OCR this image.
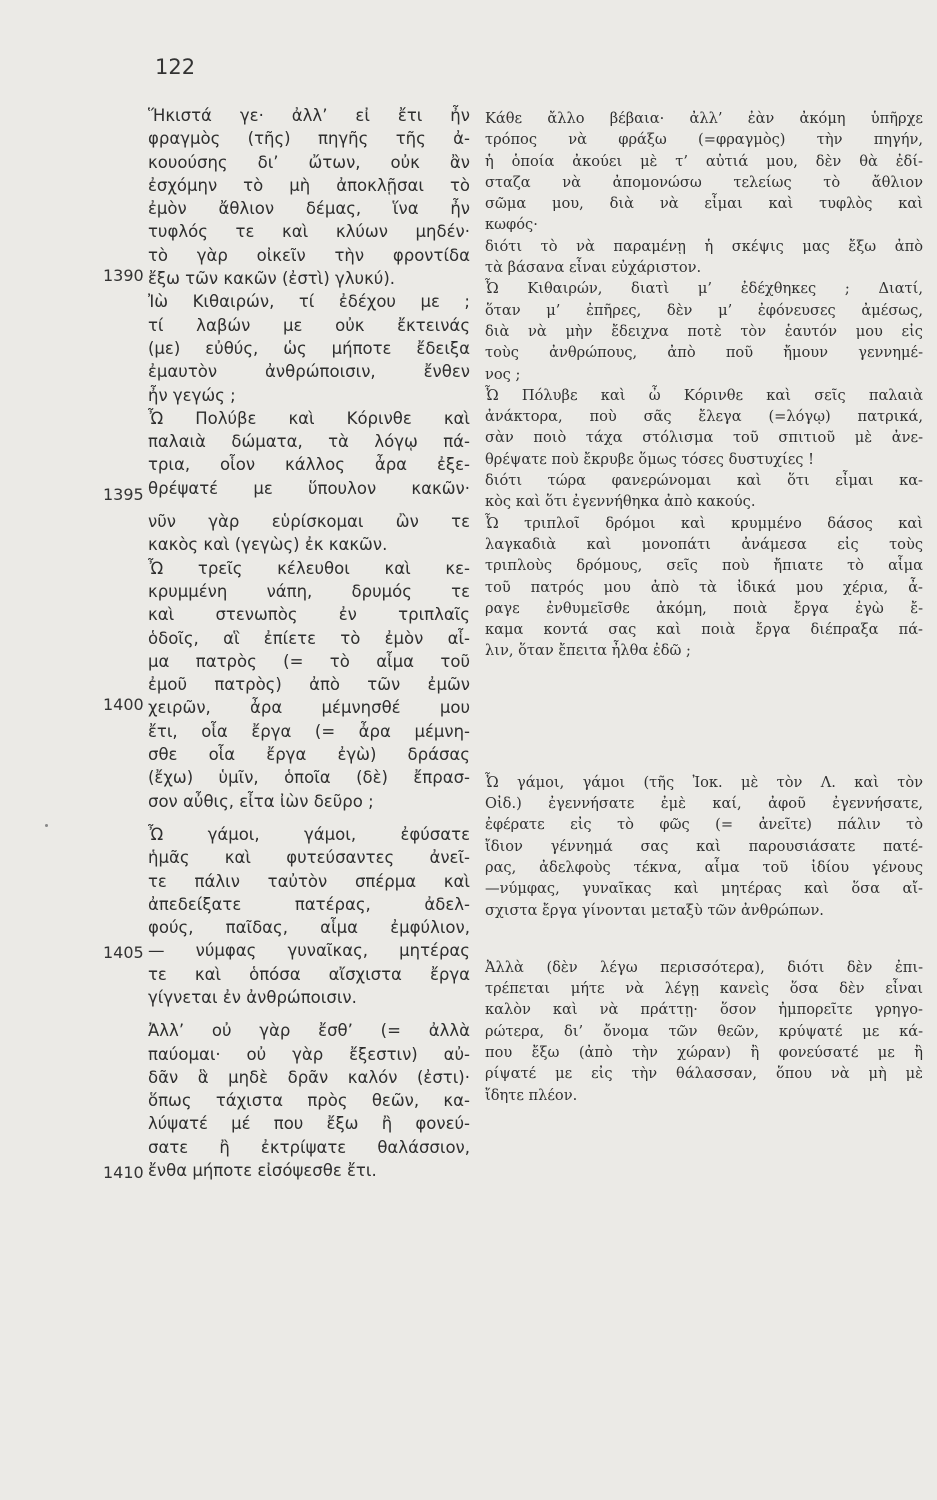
122
1390
1395
1400
1405
1410
Ἥκιστά γε· ἀλλ’ εἰ ἔτι ἦν
φραγμὸς (τῆς) πηγῆς τῆς ἀ-
κουούσης δι’ ὤτων, οὐκ ἂν
ἐσχόμην τὸ μὴ ἀποκλῇσαι τὸ
ἐμὸν ἄθλιον δέμας, ἵνα ἦν
τυφλός τε καὶ κλύων μηδέν·
τὸ γὰρ οἰκεῖν τὴν φροντίδα
ἔξω τῶν κακῶν (ἐστὶ) γλυκύ).
Ἰὼ Κιθαιρών, τί ἐδέχου με ;
τί λαβών με οὐκ ἔκτεινάς
(με) εὐθύς, ὡς μήποτε ἔδειξα
ἐμαυτὸν ἀνθρώποισιν, ἔνθεν
ἦν γεγώς ;
Ὦ Πολύβε καὶ Κόρινθε καὶ
παλαιὰ δώματα, τὰ λόγῳ πά-
τρια, οἷον κάλλος ἆρα ἐξε-
θρέψατέ με ὕπουλον κακῶν·
νῦν γὰρ εὑρίσκομαι ὢν τε
κακὸς καὶ (γεγὼς) ἐκ κακῶν.
Ὦ τρεῖς κέλευθοι καὶ κε-
κρυμμένη νάπη, δρυμός τε
καὶ στενωπὸς ἐν τριπλαῖς
ὁδοῖς, αἳ ἐπίετε τὸ ἐμὸν αἷ-
μα πατρὸς (= τὸ αἷμα τοῦ
ἐμοῦ πατρὸς) ἀπὸ τῶν ἐμῶν
χειρῶν, ἆρα μέμνησθέ μου
ἔτι, οἷα ἔργα (= ἆρα μέμνη-
σθε οἷα ἔργα ἐγὼ) δράσας
(ἔχω) ὑμῖν, ὁποῖα (δὲ) ἔπρασ-
σον αὖθις, εἶτα ἰὼν δεῦρο ;
Ὦ γάμοι, γάμοι, ἐφύσατε
ἡμᾶς καὶ φυτεύσαντες ἀνεῖ-
τε πάλιν ταὐτὸν σπέρμα καὶ
ἀπεδείξατε πατέρας, ἀδελ-
φούς, παῖδας, αἷμα ἐμφύλιον,
— νύμφας γυναῖκας, μητέρας
τε καὶ ὁπόσα αἴσχιστα ἔργα
γίγνεται ἐν ἀνθρώποισιν.
Ἀλλ’ οὐ γὰρ ἔσθ’ (= ἀλλὰ
παύομαι· οὐ γὰρ ἔξεστιν) αὐ-
δᾶν ἃ μηδὲ δρᾶν καλόν (ἐστι)·
ὅπως τάχιστα πρὸς θεῶν, κα-
λύψατέ μέ που ἔξω ἢ φονεύ-
σατε ἢ ἐκτρίψατε θαλάσσιον,
ἔνθα μήποτε εἰσόψεσθε ἔτι.
Κάθε ἄλλο βέβαια· ἀλλ’ ἐὰν ἀκόμη ὑπῆρχε
τρόπος νὰ φράξω (=φραγμὸς) τὴν πηγήν,
ἡ ὁποία ἀκούει μὲ τ’ αὐτιά μου, δὲν θὰ ἐδί-
σταζα νὰ ἀπομονώσω τελείως τὸ ἄθλιον
σῶμα μου, διὰ νὰ εἶμαι καὶ τυφλὸς καὶ
κωφός·
διότι τὸ νὰ παραμένῃ ἡ σκέψις μας ἔξω ἀπὸ
τὰ βάσανα εἶναι εὐχάριστον.
Ὦ Κιθαιρών, διατὶ μ’ ἐδέχθηκες ; Διατί,
ὅταν μ’ ἐπῆρες, δὲν μ’ ἐφόνευσες ἀμέσως,
διὰ νὰ μὴν ἔδειχνα ποτὲ τὸν ἑαυτόν μου εἰς
τοὺς ἀνθρώπους, ἀπὸ ποῦ ἤμουν γεννημέ-
νος ;
Ὦ Πόλυβε καὶ ὦ Κόρινθε καὶ σεῖς παλαιὰ
ἀνάκτορα, ποὺ σᾶς ἔλεγα (=λόγῳ) πατρικά,
σὰν ποιὸ τάχα στόλισμα τοῦ σπιτιοῦ μὲ ἀνε-
θρέψατε ποὺ ἔκρυβε ὅμως τόσες δυστυχίες !
διότι τώρα φανερώνομαι καὶ ὅτι εἶμαι κα-
κὸς καὶ ὅτι ἐγεννήθηκα ἀπὸ κακούς.
Ὦ τριπλοῖ δρόμοι καὶ κρυμμένο δάσος καὶ
λαγκαδιὰ καὶ μονοπάτι ἀνάμεσα εἰς τοὺς
τριπλοὺς δρόμους, σεῖς ποὺ ἤπιατε τὸ αἷμα
τοῦ πατρός μου ἀπὸ τὰ ἰδικά μου χέρια, ἆ-
ραγε ἐνθυμεῖσθε ἀκόμη, ποιὰ ἔργα ἐγὼ ἔ-
καμα κοντά σας καὶ ποιὰ ἔργα διέπραξα πά-
λιν, ὅταν ἔπειτα ἦλθα ἐδῶ ;
Ὦ γάμοι, γάμοι (τῆς Ἰοκ. μὲ τὸν Λ. καὶ τὸν
Οἰδ.) ἐγεννήσατε ἐμὲ καί, ἀφοῦ ἐγεννήσατε,
ἐφέρατε εἰς τὸ φῶς (= ἀνεῖτε) πάλιν τὸ
ἴδιον γέννημά σας καὶ παρουσιάσατε πατέ-
ρας, ἀδελφοὺς τέκνα, αἷμα τοῦ ἰδίου γένους
—νύμφας, γυναῖκας καὶ μητέρας καὶ ὅσα αἴ-
σχιστα ἔργα γίνονται μεταξὺ τῶν ἀνθρώπων.
Ἀλλὰ (δὲν λέγω περισσότερα), διότι δὲν ἐπι-
τρέπεται μήτε νὰ λέγῃ κανεὶς ὅσα δὲν εἶναι
καλὸν καὶ νὰ πράττῃ· ὅσον ἠμπορεῖτε γρηγο-
ρώτερα, δι’ ὄνομα τῶν θεῶν, κρύψατέ με κά-
που ἔξω (ἀπὸ τὴν χώραν) ἢ φονεύσατέ με ἢ
ρίψατέ με εἰς τὴν θάλασσαν, ὅπου νὰ μὴ μὲ
ἴδητε πλέον.
